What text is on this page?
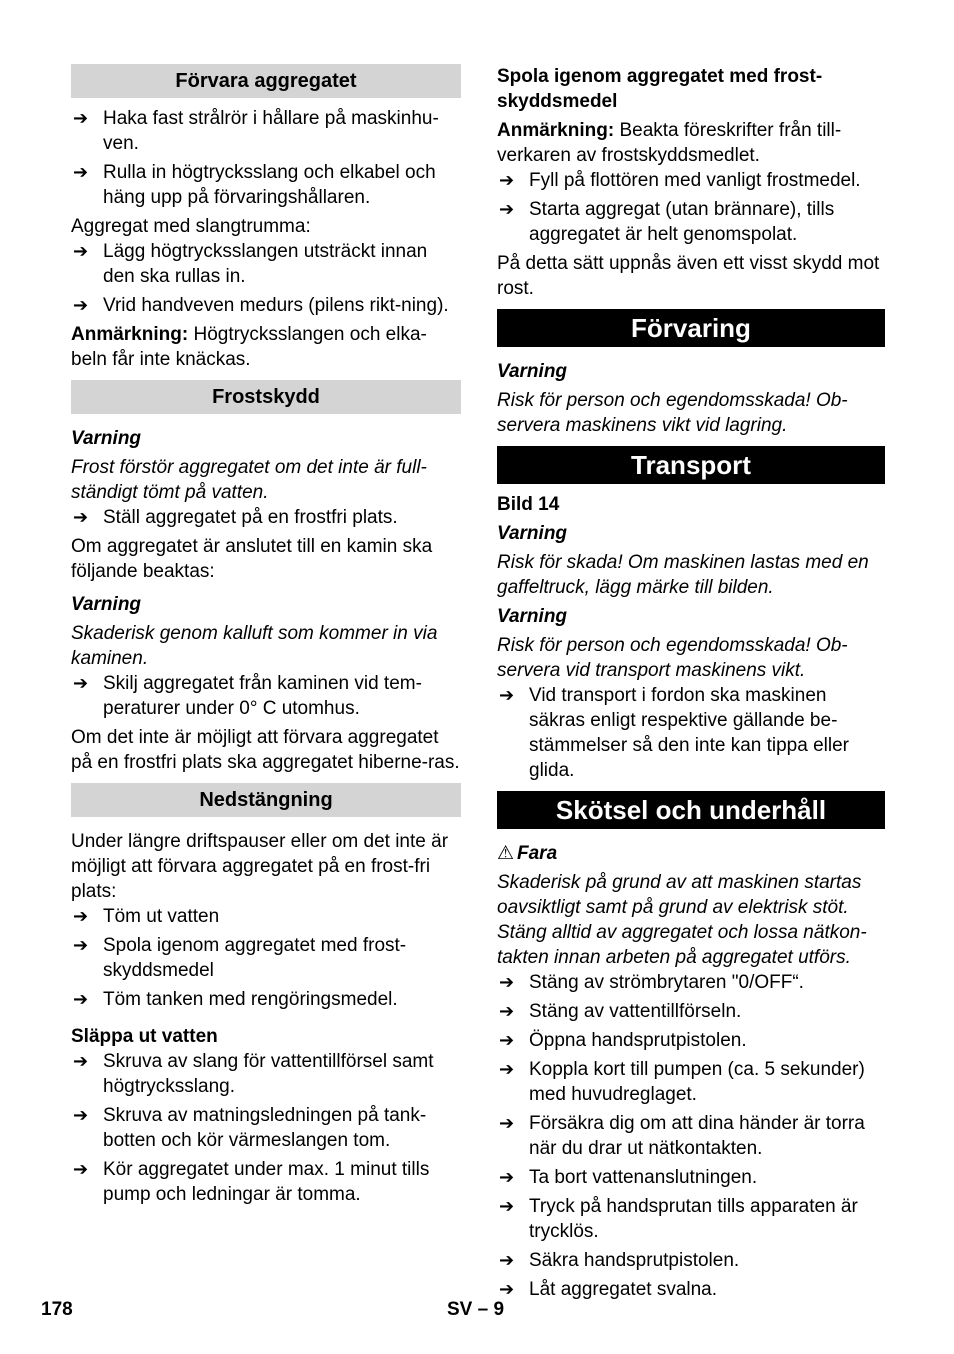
Förvara aggregatet
➔ Haka fast strålrör i hållare på maskinhu-ven.
➔ Rulla in högtrycksslang och elkabel och häng upp på förvaringshållaren.

Aggregat med slangtrumma:

➔ Lägg högtrycksslangen utsträckt innan den ska rullas in.
➔ Vrid handveven medurs (pilens rikt-ning).

Anmärkning: Högtrycksslangen och elka-beln får inte knäckas.

Frostskydd

Varning

Frost förstör aggregatet om det inte är full-ständigt tömt på vatten.

➔ Ställ aggregatet på en frostfri plats.

Om aggregatet är anslutet till en kamin ska följande beaktas:

Varning

Skaderisk genom kalluft som kommer in via kaminen.

➔ Skilj aggregatet från kaminen vid tem-peraturer under 0° C utomhus.

Om det inte är möjligt att förvara aggregatet på en frostfri plats ska aggregatet hiberne-ras.

Nedstängning

Under längre driftspauser eller om det inte är möjligt att förvara aggregatet på en frost-fri plats:

➔ Töm ut vatten
➔ Spola igenom aggregatet med frost-skyddsmedel
➔ Töm tanken med rengöringsmedel.

Släppa ut vatten

➔ Skruva av slang för vattentillförsel samt högtrycksslang.
➔ Skruva av matningsledningen på tank-botten och kör värmeslangen tom.
➔ Kör aggregatet under max. 1 minut tills pump och ledningar är tomma.

Spola igenom aggregatet med frost-skyddsmedel

Anmärkning: Beakta föreskrifter från till-verkaren av frostskyddsmedlet.

➔ Fyll på flottören med vanligt frostmedel.
➔ Starta aggregat (utan brännare), tills aggregatet är helt genomspolat.

På detta sätt uppnås även ett visst skydd mot rost.

Förvaring

Varning

Risk för person och egendomsskada! Ob-servera maskinens vikt vid lagring.

Transport

Bild 14

Varning

Risk för skada! Om maskinen lastas med en gaffeltruck, lägg märke till bilden.

Varning

Risk för person och egendomsskada! Ob-servera vid transport maskinens vikt.

➔ Vid transport i fordon ska maskinen säkras enligt respektive gällande be-stämmelser så den inte kan tippa eller glida.
Skötsel och underhåll

⚠ Fara

Skaderisk på grund av att maskinen startas oavsiktligt samt på grund av elektrisk stöt. Stäng alltid av aggregatet och lossa nätkon-takten innan arbeten på aggregatet utförs.

➔ Stäng av strömbrytaren "0/OFF“.
➔ Stäng av vattentillförseln.
➔ Öppna handsprutpistolen.
➔ Koppla kort till pumpen (ca. 5 sekunder) med huvudreglaget.
➔ Försäkra dig om att dina händer är torra när du drar ut nätkontakten.
➔ Ta bort vattenanslutningen.
➔ Tryck på handsprutan tills apparaten är trycklös.
➔ Säkra handsprutpistolen.
➔ Låt aggregatet svalna.
178	SV – 9
